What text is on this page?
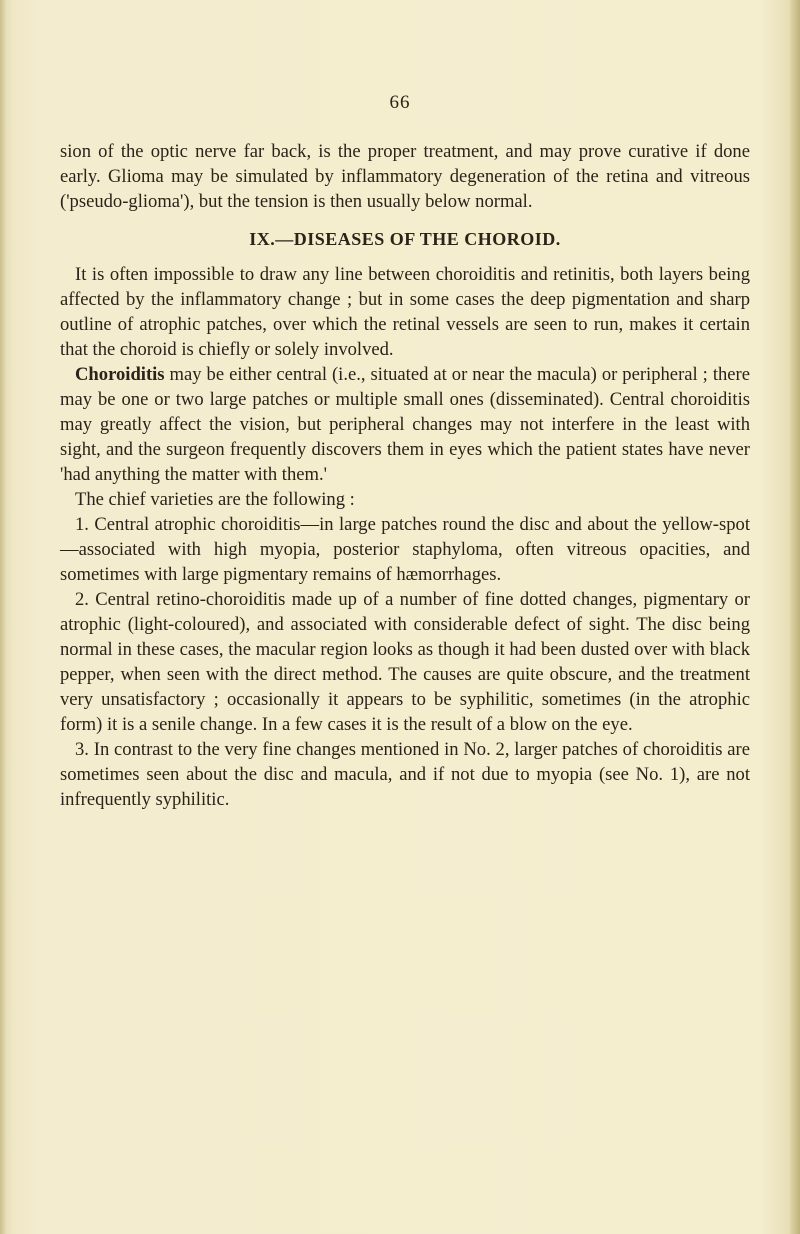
66

sion of the optic nerve far back, is the proper treatment, and may prove curative if done early. Glioma may be simulated by inflammatory degeneration of the retina and vitreous ('pseudo-glioma'), but the tension is then usually below normal.

IX.—DISEASES OF THE CHOROID.

It is often impossible to draw any line between choroiditis and retinitis, both layers being affected by the inflammatory change ; but in some cases the deep pigmentation and sharp outline of atrophic patches, over which the retinal vessels are seen to run, makes it certain that the choroid is chiefly or solely involved.

Choroiditis may be either central (i.e., situated at or near the macula) or peripheral ; there may be one or two large patches or multiple small ones (disseminated). Central choroiditis may greatly affect the vision, but peripheral changes may not interfere in the least with sight, and the surgeon frequently discovers them in eyes which the patient states have never 'had anything the matter with them.'

The chief varieties are the following :

1. Central atrophic choroiditis—in large patches round the disc and about the yellow-spot—associated with high myopia, posterior staphyloma, often vitreous opacities, and sometimes with large pigmentary remains of hæmorrhages.

2. Central retino-choroiditis made up of a number of fine dotted changes, pigmentary or atrophic (light-coloured), and associated with considerable defect of sight. The disc being normal in these cases, the macular region looks as though it had been dusted over with black pepper, when seen with the direct method. The causes are quite obscure, and the treatment very unsatisfactory ; occasionally it appears to be syphilitic, sometimes (in the atrophic form) it is a senile change. In a few cases it is the result of a blow on the eye.

3. In contrast to the very fine changes mentioned in No. 2, larger patches of choroiditis are sometimes seen about the disc and macula, and if not due to myopia (see No. 1), are not infrequently syphilitic.
